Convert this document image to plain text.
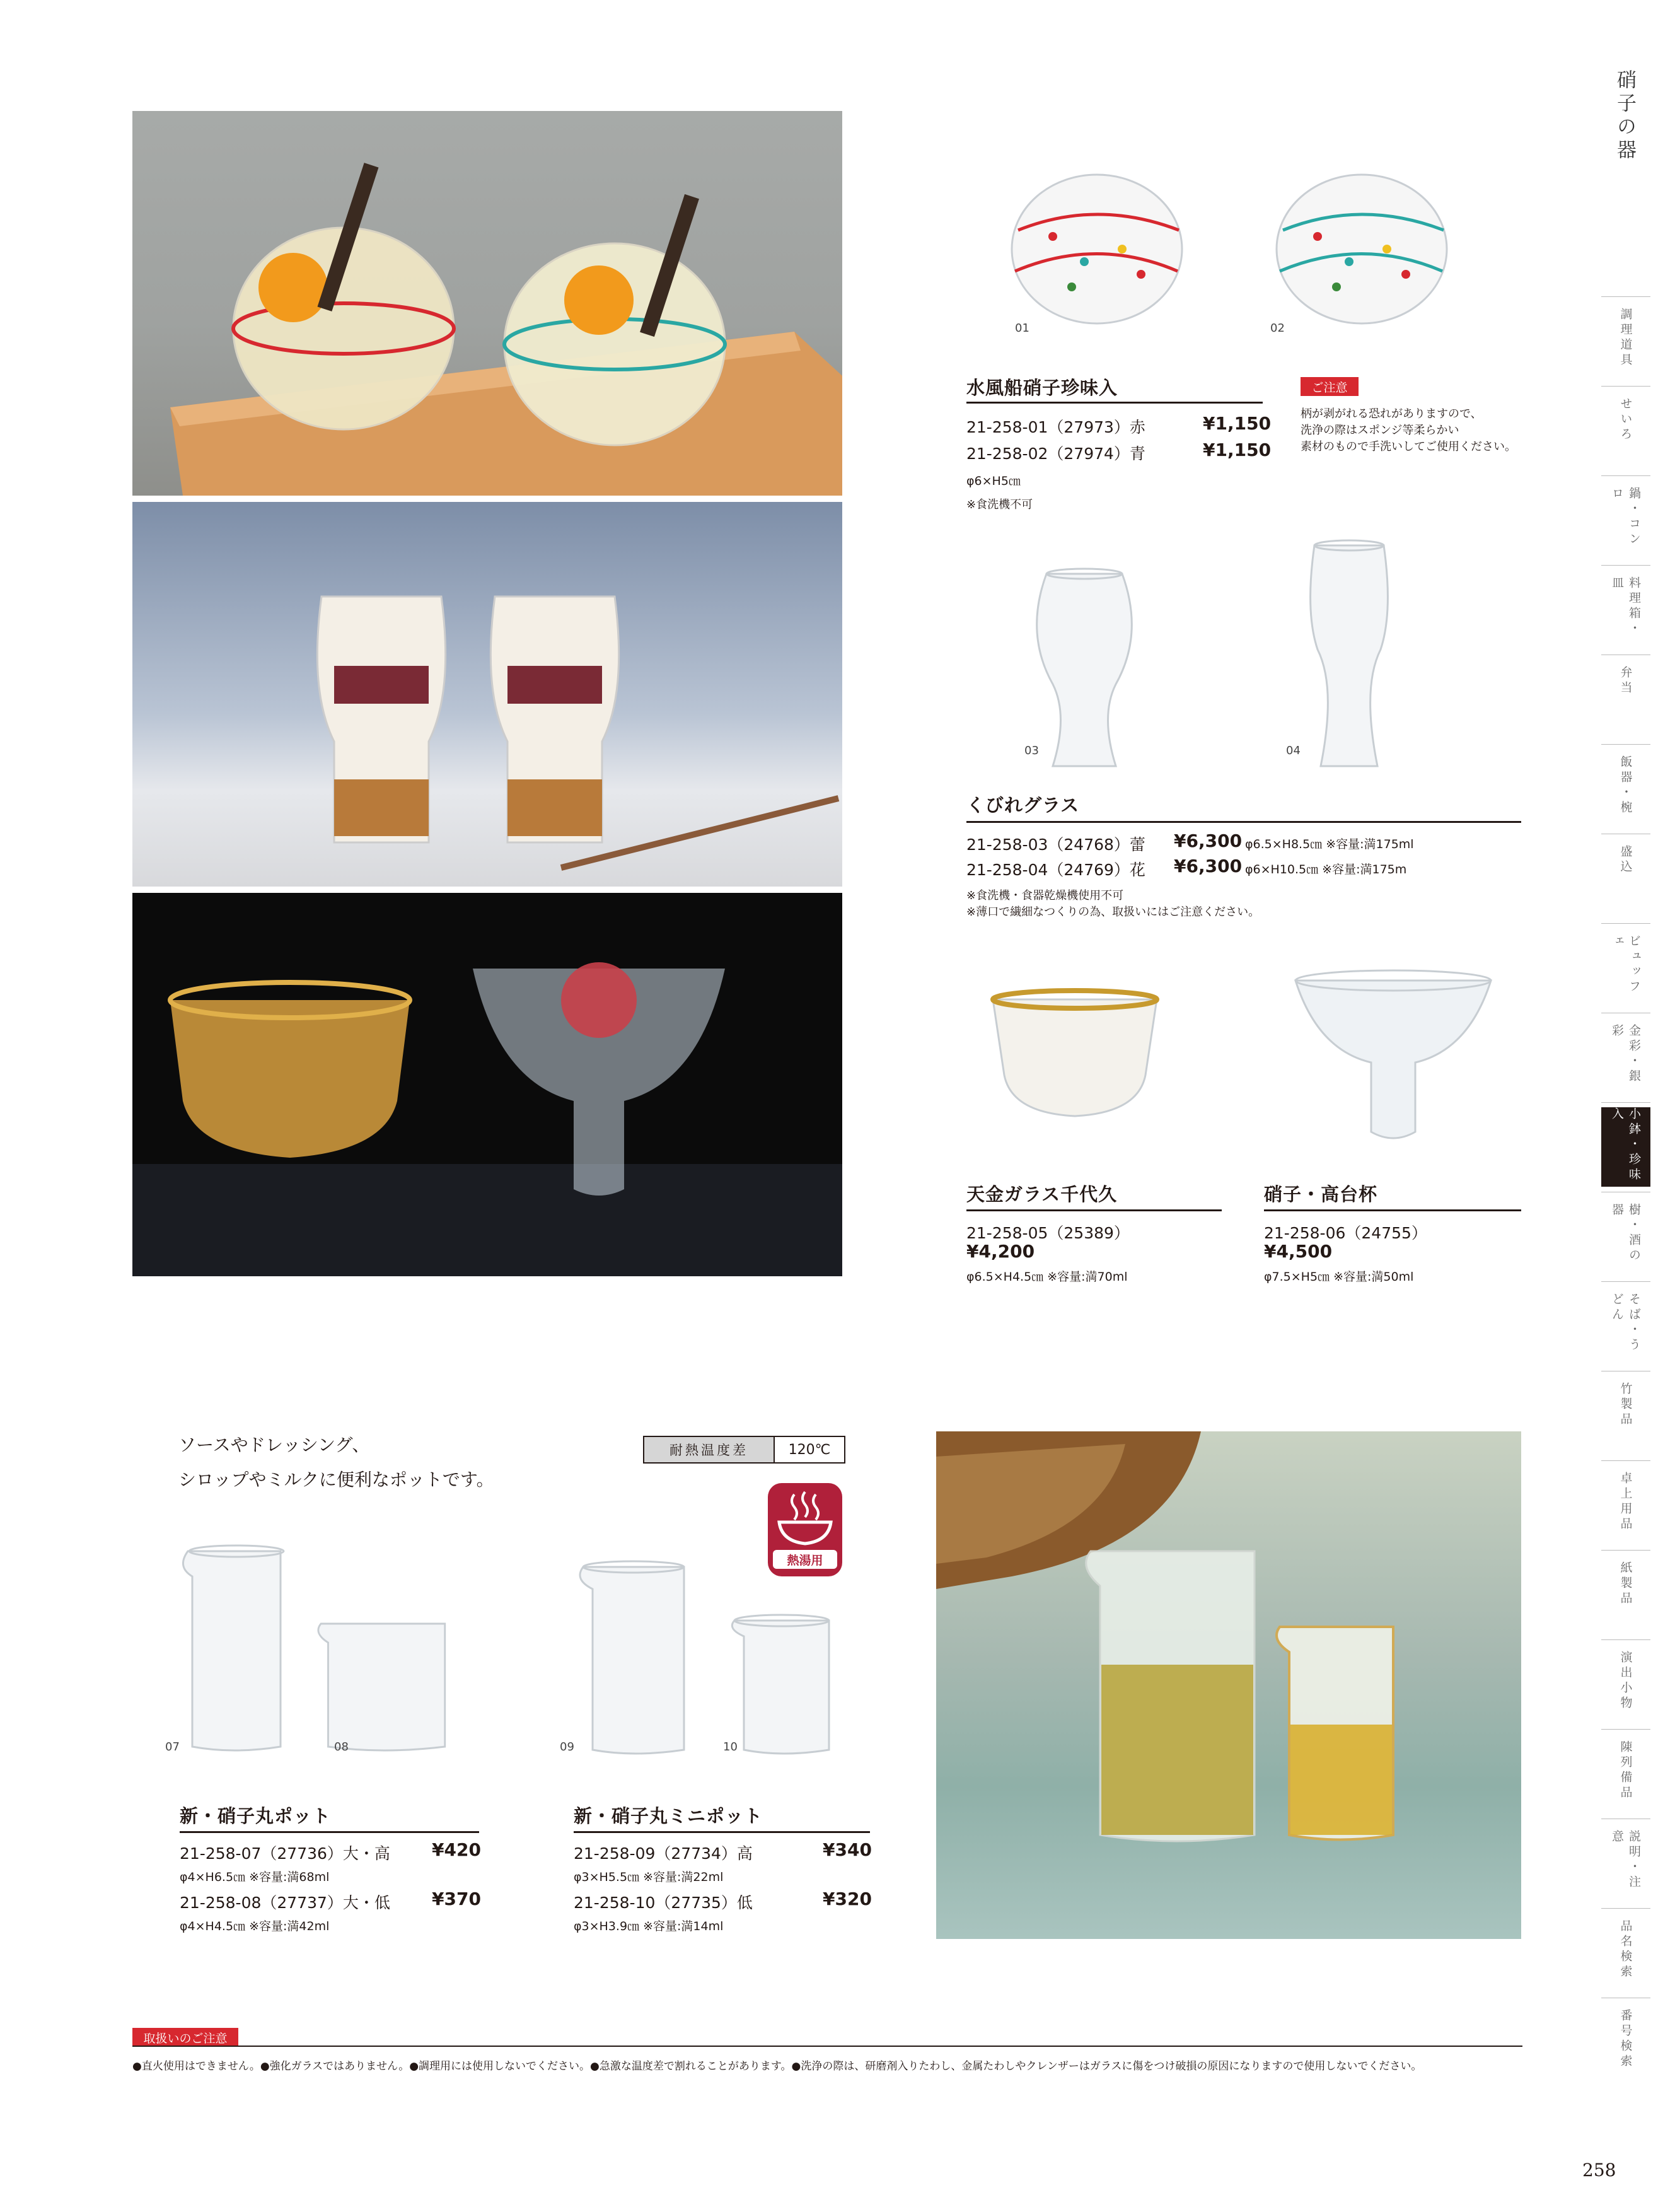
硝子の器
調理道具
せいろ
鍋・コンロ
料理箱・皿
弁当
飯器・椀
盛込
ビュッフェ
金彩・銀彩
小鉢・珍味入
樹・酒の器
そば・うどん
竹製品
卓上用品
紙製品
演出小物
陳列備品
説明・注意
品名検索
番号検索
01	02
水風船硝子珍味入
21-258-01（27973）赤	¥1,150
21-258-02（27974）青	¥1,150
φ6×H5㎝
※食洗機不可
ご注意
柄が剥がれる恐れがありますので、
洗浄の際はスポンジ等柔らかい
素材のもので手洗いしてご使用ください。
03	04
くびれグラス
21-258-03（24768）蕾 ¥6,300 φ6.5×H8.5㎝ ※容量:満175ml
21-258-04（24769）花 ¥6,300 φ6×H10.5㎝ ※容量:満175m
※食洗機・食器乾燥機使用不可
※薄口で繊細なつくりの為、取扱いにはご注意ください。
天金ガラス千代久
21-258-05（25389）
¥4,200
φ6.5×H4.5㎝ ※容量:満70ml
硝子・高台杯
21-258-06（24755）
¥4,500
φ7.5×H5㎝ ※容量:満50ml
ソースやドレッシング、
シロップやミルクに便利なポットです。
耐熱温度差	120℃
熱湯用
07	08	09	10
新・硝子丸ポット
21-258-07（27736）大・高 ¥420
φ4×H6.5㎝ ※容量:満68ml
21-258-08（27737）大・低 ¥370
φ4×H4.5㎝ ※容量:満42ml
新・硝子丸ミニポット
21-258-09（27734）高	¥340
φ3×H5.5㎝ ※容量:満22ml
21-258-10（27735）低	¥320
φ3×H3.9㎝ ※容量:満14ml
取扱いのご注意
●直火使用はできません。●強化ガラスではありません。●調理用には使用しないでください。●急激な温度差で割れることがあります。●洗浄の際は、研磨剤入りたわし、金属たわしやクレンザーはガラスに傷をつけ破損の原因になりますので使用しないでください。
258
